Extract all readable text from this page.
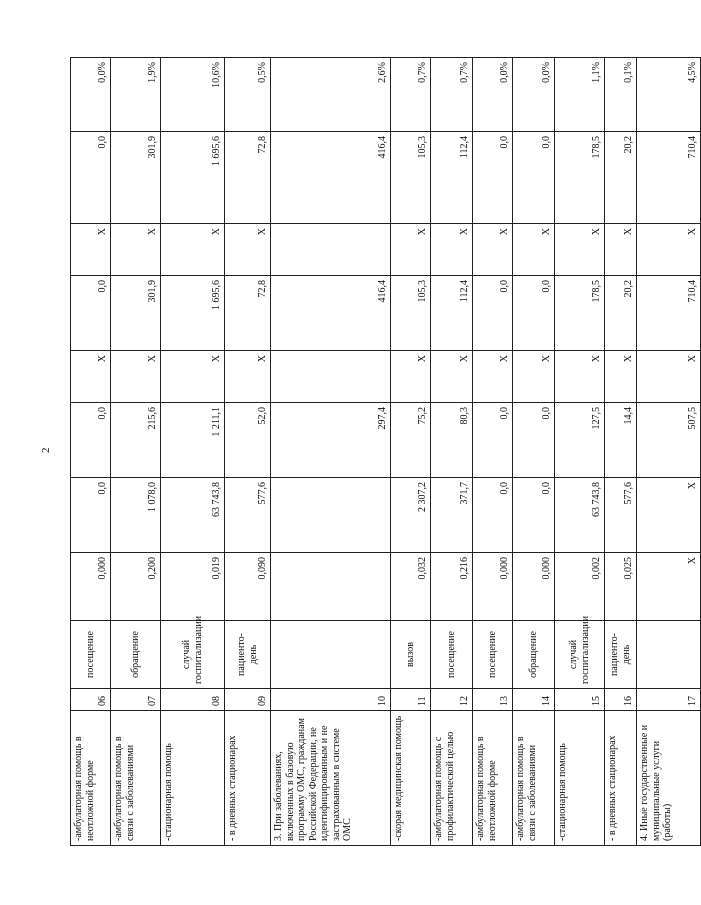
2
-амбулаторная помощь в неотложной форме	06	посещение	0,000	0,0	0,0	X	0,0	X	0,0	0,0%
-амбулаторная помощь в связи с заболеваниями	07	обращение	0,200	1 078,0	215,6	X	301,9	X	301,9	1,9%
-стационарная помощь	08	случай госпитализации	0,019	63 743,8	1 211,1	X	1 695,6	X	1 695,6	10,6%
- в дневных стационарах	09	пациенто-день	0,090	577,6	52,0	X	72,8	X	72,8	0,5%
3. При заболеваниях, включенных в базовую программу ОМС, гражданам Российской Федерации, не идентифицированным и не застрахованным в системе ОМС	10				297,4		416,4		416,4	2,6%
-скорая медицинская помощь	11	вызов	0,032	2 307,2	75,2	X	105,3	X	105,3	0,7%
-амбулаторная помощь с профилактической целью	12	посещение	0,216	371,7	80,3	X	112,4	X	112,4	0,7%
-амбулаторная помощь в неотложной форме	13	посещение	0,000	0,0	0,0	X	0,0	X	0,0	0,0%
-амбулаторная помощь в связи с заболеваниями	14	обращение	0,000	0,0	0,0	X	0,0	X	0,0	0,0%
-стационарная помощь	15	случай госпитализации	0,002	63 743,8	127,5	X	178,5	X	178,5	1,1%
- в дневных стационарах	16	пациенто-день	0,025	577,6	14,4	X	20,2	X	20,2	0,1%
4. Иные государственные и муниципальные услуги (работы)	17		X	X	507,5	X	710,4	X	710,4	4,5%
